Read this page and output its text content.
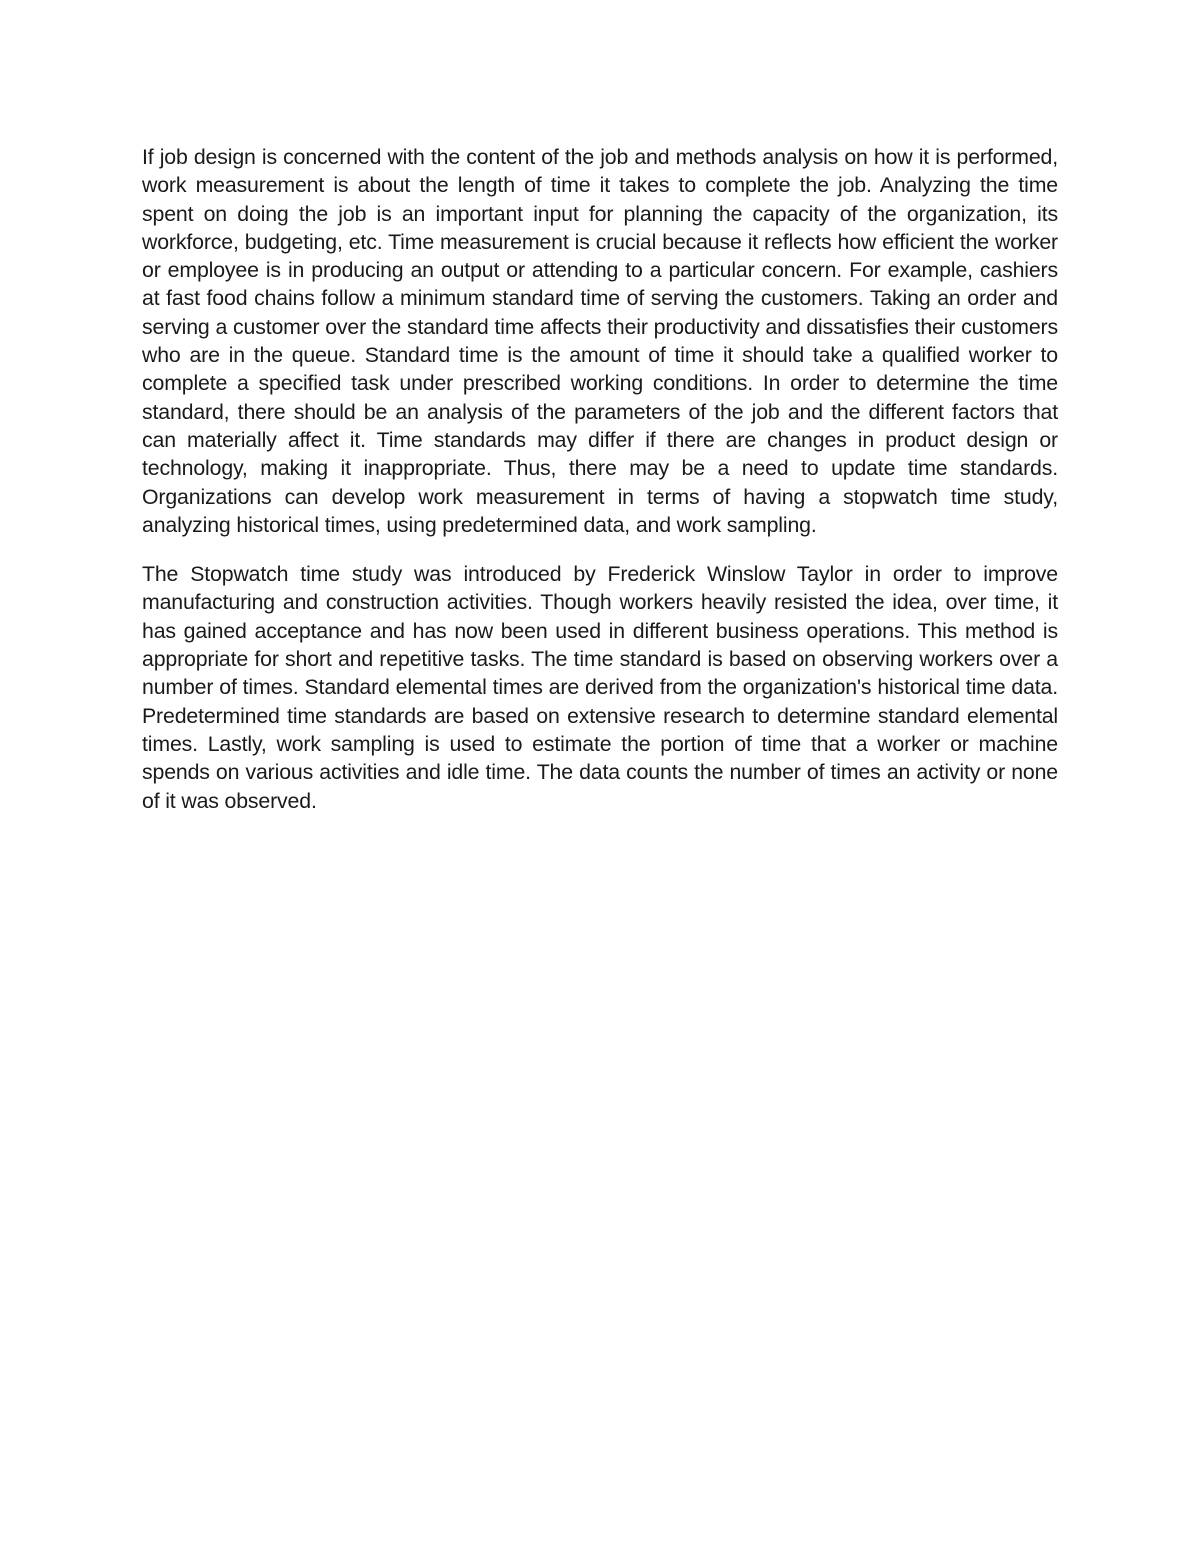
If job design is concerned with the content of the job and methods analysis on how it is performed, work measurement is about the length of time it takes to complete the job. Analyzing the time spent on doing the job is an important input for planning the capacity of the organization, its workforce, budgeting, etc. Time measurement is crucial because it reflects how efficient the worker or employee is in producing an output or attending to a particular concern. For example, cashiers at fast food chains follow a minimum standard time of serving the customers. Taking an order and serving a customer over the standard time affects their productivity and dissatisfies their customers who are in the queue. Standard time is the amount of time it should take a qualified worker to complete a specified task under prescribed working conditions. In order to determine the time standard, there should be an analysis of the parameters of the job and the different factors that can materially affect it. Time standards may differ if there are changes in product design or technology, making it inappropriate. Thus, there may be a need to update time standards. Organizations can develop work measurement in terms of having a stopwatch time study, analyzing historical times, using predetermined data, and work sampling.

The Stopwatch time study was introduced by Frederick Winslow Taylor in order to improve manufacturing and construction activities. Though workers heavily resisted the idea, over time, it has gained acceptance and has now been used in different business operations. This method is appropriate for short and repetitive tasks. The time standard is based on observing workers over a number of times. Standard elemental times are derived from the organization's historical time data. Predetermined time standards are based on extensive research to determine standard elemental times. Lastly, work sampling is used to estimate the portion of time that a worker or machine spends on various activities and idle time. The data counts the number of times an activity or none of it was observed.
